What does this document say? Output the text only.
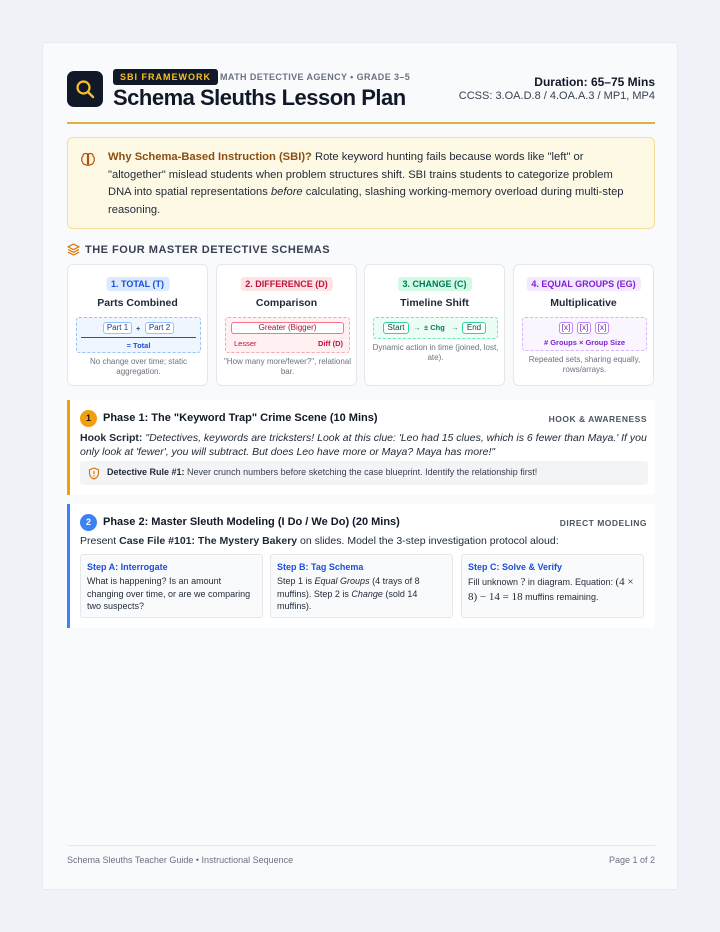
SBI FRAMEWORK	MATH DETECTIVE AGENCY • GRADE 3–5
Schema Sleuths Lesson Plan
Duration: 65–75 Mins
CCSS: 3.OA.D.8 / 4.OA.A.3 / MP1, MP4
Why Schema-Based Instruction (SBI)? Rote keyword hunting fails because words like "left" or "altogether" mislead students when problem structures shift. SBI trains students to categorize problem DNA into spatial representations before calculating, slashing working-memory overload during multi-step reasoning.
THE FOUR MASTER DETECTIVE SCHEMAS
1. TOTAL (T)
Parts Combined
Part 1	+	Part 2
= Total
No change over time; static aggregation.
2. DIFFERENCE (D)
Comparison
Greater (Bigger)
Lesser	Diff (D)
"How many more/fewer?", relational bar.
3. CHANGE (C)
Timeline Shift
Start	→ ± Chg →	End
Dynamic action in time (joined, lost, ate).
4. EQUAL GROUPS (EG)
Multiplicative
[x]	[x]	[x]
# Groups × Group Size
Repeated sets, sharing equally, rows/arrays.
1	Phase 1: The "Keyword Trap" Crime Scene (10 Mins)	HOOK & AWARENESS
Hook Script: "Detectives, keywords are tricksters! Look at this clue: 'Leo had 15 clues, which is 6 fewer than Maya.' If you only look at 'fewer', you will subtract. But does Leo have more or Maya? Maya has more!"
Detective Rule #1: Never crunch numbers before sketching the case blueprint. Identify the relationship first!
2	Phase 2: Master Sleuth Modeling (I Do / We Do) (20 Mins)	DIRECT MODELING
Present Case File #101: The Mystery Bakery on slides. Model the 3-step investigation protocol aloud:
Step A: Interrogate
What is happening? Is an amount changing over time, or are we comparing two suspects?
Step B: Tag Schema
Step 1 is Equal Groups (4 trays of 8 muffins). Step 2 is Change (sold 14 muffins).
Step C: Solve & Verify
Fill unknown ? in diagram. Equation: (4 × 8) − 14 = 18 muffins remaining.
Schema Sleuths Teacher Guide • Instructional Sequence	Page 1 of 2
